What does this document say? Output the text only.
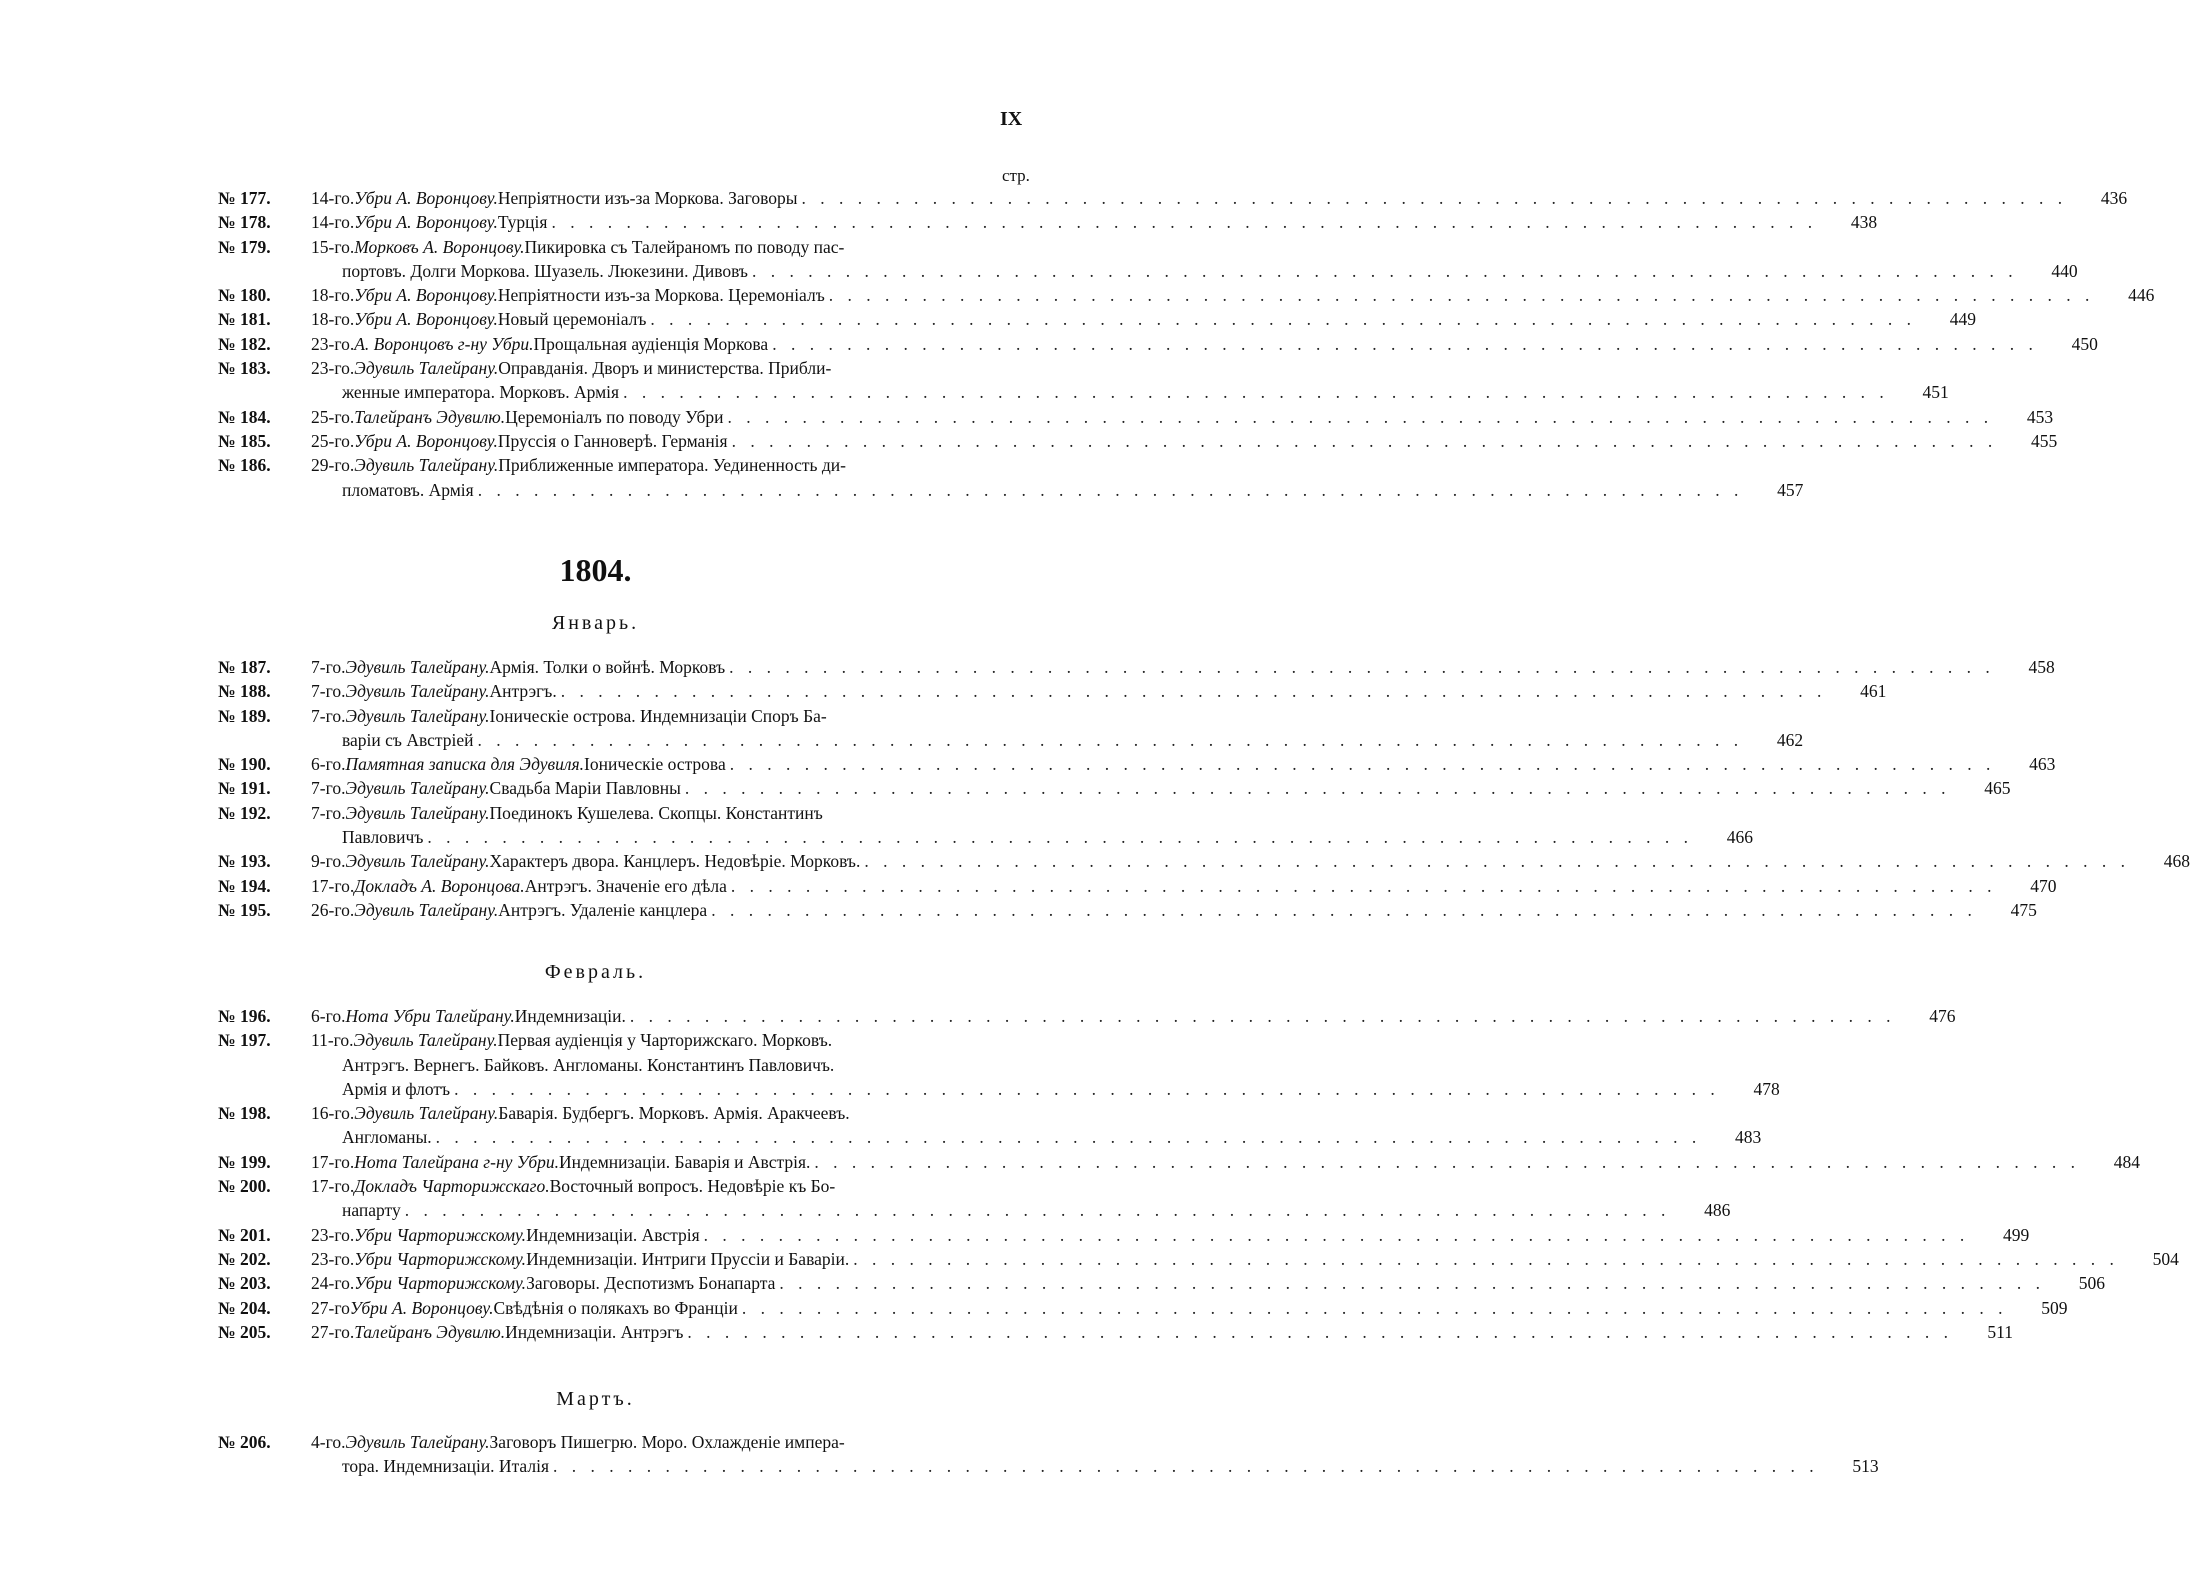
IX
стр.
№ 177.	14-го. Убри А. Воронцову. Непріятности изъ-за Моркова. Заговоры . . . . . . . . . . . . . . . . . . . . . . . . . . . . . . . . . . . . . . . . . . . . . . . . . . . . . . . . . . . . . . . . . . . .	436
№ 178.	14-го. Убри А. Воронцову. Турція . . . . . . . . . . . . . . . . . . . . . . . . . . . . . . . . . . . . . . . . . . . . . . . . . . . . . . . . . . . . . . . . . . . .	438
№ 179.	15-го. Морковъ А. Воронцову. Пикировка съ Талейраномъ по поводу пас-
портовъ. Долги Моркова. Шуазель. Люкезини. Дивовъ . . . . . . . . . . . . . . . . . . . . . . . . . . . . . . . . . . . . . . . . . . . . . . . . . . . . . . . . . . . . . . . . . . . .	440
№ 180.	18-го. Убри А. Воронцову. Непріятности изъ-за Моркова. Церемоніалъ . . . . . . . . . . . . . . . . . . . . . . . . . . . . . . . . . . . . . . . . . . . . . . . . . . . . . . . . . . . . . . . . . . . .	446
№ 181.	18-го. Убри А. Воронцову. Новый церемоніалъ . . . . . . . . . . . . . . . . . . . . . . . . . . . . . . . . . . . . . . . . . . . . . . . . . . . . . . . . . . . . . . . . . . . .	449
№ 182.	23-го. А. Воронцовъ г-ну Убри. Прощальная аудіенція Моркова . . . . . . . . . . . . . . . . . . . . . . . . . . . . . . . . . . . . . . . . . . . . . . . . . . . . . . . . . . . . . . . . . . . .	450
№ 183.	23-го. Эдувиль Талейрану. Оправданія. Дворъ и министерства. Прибли-
женные императора. Морковъ. Армія . . . . . . . . . . . . . . . . . . . . . . . . . . . . . . . . . . . . . . . . . . . . . . . . . . . . . . . . . . . . . . . . . . . .	451
№ 184.	25-го. Талейранъ Эдувилю. Церемоніалъ по поводу Убри . . . . . . . . . . . . . . . . . . . . . . . . . . . . . . . . . . . . . . . . . . . . . . . . . . . . . . . . . . . . . . . . . . . .	453
№ 185.	25-го. Убри А. Воронцову. Пруссія о Ганноверѣ. Германія . . . . . . . . . . . . . . . . . . . . . . . . . . . . . . . . . . . . . . . . . . . . . . . . . . . . . . . . . . . . . . . . . . . .	455
№ 186.	29-го. Эдувиль Талейрану. Приближенные императора. Уединенность ди-
пломатовъ. Армія . . . . . . . . . . . . . . . . . . . . . . . . . . . . . . . . . . . . . . . . . . . . . . . . . . . . . . . . . . . . . . . . . . . .	457
1804.
Январь.
№ 187.	7-го. Эдувиль Талейрану. Армія. Толки о войнѣ. Морковъ . . . . . . . . . . . . . . . . . . . . . . . . . . . . . . . . . . . . . . . . . . . . . . . . . . . . . . . . . . . . . . . . . . . .	458
№ 188.	7-го. Эдувиль Талейрану. Антрэгъ. . . . . . . . . . . . . . . . . . . . . . . . . . . . . . . . . . . . . . . . . . . . . . . . . . . . . . . . . . . . . . . . . . . . .	461
№ 189.	7-го. Эдувиль Талейрану. Іоническіе острова. Индемнизаціи Споръ Ба-
варіи съ Австріей . . . . . . . . . . . . . . . . . . . . . . . . . . . . . . . . . . . . . . . . . . . . . . . . . . . . . . . . . . . . . . . . . . . .	462
№ 190.	6-го. Памятная записка для Эдувиля. Іоническіе острова . . . . . . . . . . . . . . . . . . . . . . . . . . . . . . . . . . . . . . . . . . . . . . . . . . . . . . . . . . . . . . . . . . . .	463
№ 191.	7-го. Эдувиль Талейрану. Свадьба Маріи Павловны . . . . . . . . . . . . . . . . . . . . . . . . . . . . . . . . . . . . . . . . . . . . . . . . . . . . . . . . . . . . . . . . . . . .	465
№ 192.	7-го. Эдувиль Талейрану. Поединокъ Кушелева. Скопцы. Константинъ
Павловичъ . . . . . . . . . . . . . . . . . . . . . . . . . . . . . . . . . . . . . . . . . . . . . . . . . . . . . . . . . . . . . . . . . . . .	466
№ 193.	9-го. Эдувиль Талейрану. Характеръ двора. Канцлеръ. Недовѣріе. Морковъ. . . . . . . . . . . . . . . . . . . . . . . . . . . . . . . . . . . . . . . . . . . . . . . . . . . . . . . . . . . . . . . . . . . . .	468
№ 194.	17-го. Докладъ А. Воронцова. Антрэгъ. Значеніе его дѣла . . . . . . . . . . . . . . . . . . . . . . . . . . . . . . . . . . . . . . . . . . . . . . . . . . . . . . . . . . . . . . . . . . . .	470
№ 195.	26-го. Эдувиль Талейрану. Антрэгъ. Удаленіе канцлера . . . . . . . . . . . . . . . . . . . . . . . . . . . . . . . . . . . . . . . . . . . . . . . . . . . . . . . . . . . . . . . . . . . .	475
Февраль.
№ 196.	6-го. Нота Убри Талейрану. Индемнизаціи. . . . . . . . . . . . . . . . . . . . . . . . . . . . . . . . . . . . . . . . . . . . . . . . . . . . . . . . . . . . . . . . . . . . .	476
№ 197.	11-го. Эдувиль Талейрану. Первая аудіенція у Чарторижскаго. Морковъ.
Антрэгъ. Вернегъ. Байковъ. Англоманы. Константинъ Павловичъ.
Армія и флотъ . . . . . . . . . . . . . . . . . . . . . . . . . . . . . . . . . . . . . . . . . . . . . . . . . . . . . . . . . . . . . . . . . . . .	478
№ 198.	16-го. Эдувиль Талейрану. Баварія. Будбергъ. Морковъ. Армія. Аракчеевъ.
Англоманы. . . . . . . . . . . . . . . . . . . . . . . . . . . . . . . . . . . . . . . . . . . . . . . . . . . . . . . . . . . . . . . . . . . . .	483
№ 199.	17-го. Нота Талейрана г-ну Убри. Индемнизаціи. Баварія и Австрія. . . . . . . . . . . . . . . . . . . . . . . . . . . . . . . . . . . . . . . . . . . . . . . . . . . . . . . . . . . . . . . . . . . . .	484
№ 200.	17-го. Докладъ Чарторижскаго. Восточный вопросъ. Недовѣріе къ Бо-
напарту . . . . . . . . . . . . . . . . . . . . . . . . . . . . . . . . . . . . . . . . . . . . . . . . . . . . . . . . . . . . . . . . . . . .	486
№ 201.	23-го. Убри Чарторижскому. Индемнизаціи. Австрія . . . . . . . . . . . . . . . . . . . . . . . . . . . . . . . . . . . . . . . . . . . . . . . . . . . . . . . . . . . . . . . . . . . .	499
№ 202.	23-го. Убри Чарторижскому. Индемнизаціи. Интриги Пруссіи и Баваріи. . . . . . . . . . . . . . . . . . . . . . . . . . . . . . . . . . . . . . . . . . . . . . . . . . . . . . . . . . . . . . . . . . . . .	504
№ 203.	24-го. Убри Чарторижскому. Заговоры. Деспотизмъ Бонапарта . . . . . . . . . . . . . . . . . . . . . . . . . . . . . . . . . . . . . . . . . . . . . . . . . . . . . . . . . . . . . . . . . . . .	506
№ 204.	27-го Убри А. Воронцову. Свѣдѣнія о полякахъ во Франціи . . . . . . . . . . . . . . . . . . . . . . . . . . . . . . . . . . . . . . . . . . . . . . . . . . . . . . . . . . . . . . . . . . . .	509
№ 205.	27-го. Талейранъ Эдувилю. Индемнизаціи. Антрэгъ . . . . . . . . . . . . . . . . . . . . . . . . . . . . . . . . . . . . . . . . . . . . . . . . . . . . . . . . . . . . . . . . . . . .	511
Мартъ.
№ 206.	4-го. Эдувиль Талейрану. Заговоръ Пишегрю. Моро. Охлажденіе импера-
тора. Индемнизаціи. Италія . . . . . . . . . . . . . . . . . . . . . . . . . . . . . . . . . . . . . . . . . . . . . . . . . . . . . . . . . . . . . . . . . . . .	513
